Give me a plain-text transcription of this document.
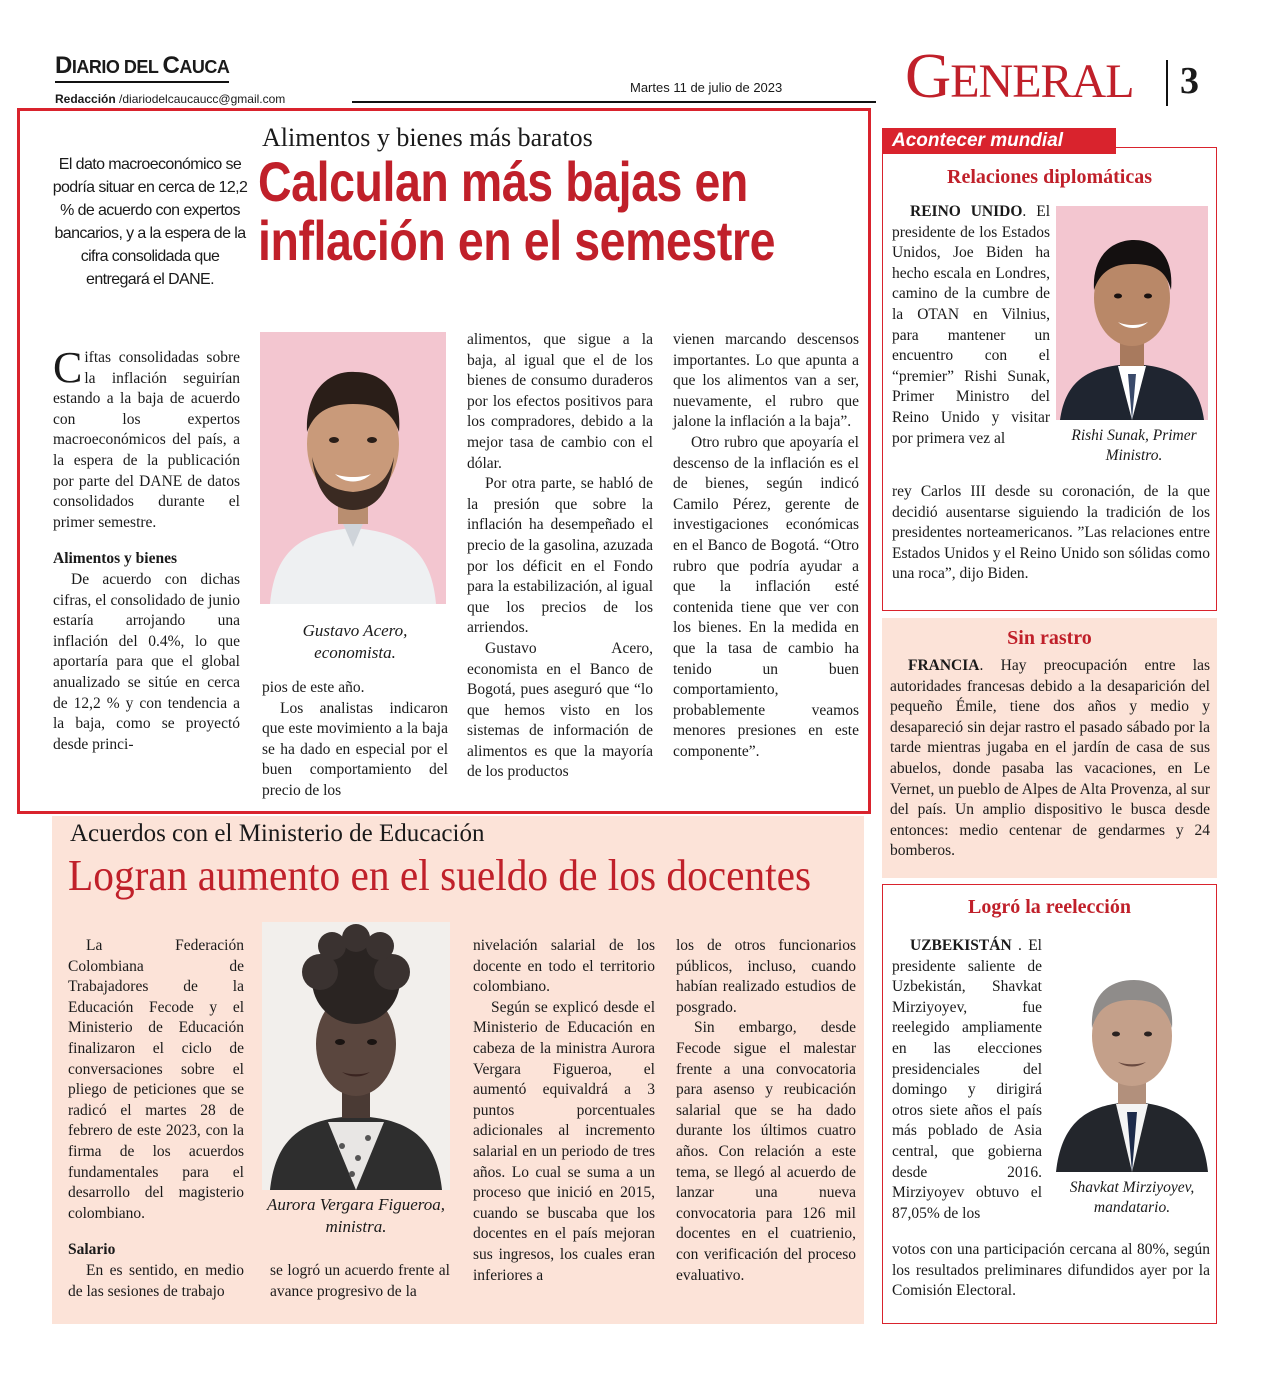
DIARIO DEL CAUCA
Redacción /diariodelcaucaucc@gmail.com
Martes 11 de julio de 2023 GENERAL 3
Alimentos y bienes más baratos
Calculan más bajas en inflación en el semestre
El dato macroeconómico se podría situar en cerca de 12,2 % de acuerdo con expertos bancarios, y a la espera de la cifra consolidada que entregará el DANE.
Ciftas consolidadas sobre la inflación seguirían estando a la baja de acuerdo con los expertos macroeconómicos del país, a la espera de la publicación por parte del DANE de datos consolidados durante el primer semestre.
Alimentos y bienes
De acuerdo con dichas cifras, el consolidado de junio estaría arrojando una inflación del 0.4%, lo que aportaría para que el global anualizado se sitúe en cerca de 12,2 % y con tendencia a la baja, como se proyectó desde princi-
Gustavo Acero, economista.
pios de este año.
Los analistas indicaron que este movimiento a la baja se ha dado en especial por el buen comportamiento del precio de los
alimentos, que sigue a la baja, al igual que el de los bienes de consumo duraderos por los efectos positivos para los compradores, debido a la mejor tasa de cambio con el dólar.
Por otra parte, se habló de la presión que sobre la inflación ha desempeñado el precio de la gasolina, azuzada por los déficit en el Fondo para la estabilización, al igual que los precios de los arriendos.
Gustavo Acero, economista en el Banco de Bogotá, pues aseguró que “lo que hemos visto en los sistemas de información de alimentos es que la mayoría de los productos
vienen marcando descensos importantes. Lo que apunta a que los alimentos van a ser, nuevamente, el rubro que jalone la inflación a la baja”.
Otro rubro que apoyaría el descenso de la inflación es el de bienes, según indicó Camilo Pérez, gerente de investigaciones económicas en el Banco de Bogotá. “Otro rubro que podría ayudar a que la inflación esté contenida tiene que ver con los bienes. En la medida en que la tasa de cambio ha tenido un buen comportamiento, probablemente veamos menores presiones en este componente”.
Acuerdos con el Ministerio de Educación
Logran aumento en el sueldo de los docentes
La Federación Colombiana de Trabajadores de la Educación Fecode y el Ministerio de Educación finalizaron el ciclo de conversaciones sobre el pliego de peticiones que se radicó el martes 28 de febrero de este 2023, con la firma de los acuerdos fundamentales para el desarrollo del magisterio colombiano.
Salario
En es sentido, en medio de las sesiones de trabajo
Aurora Vergara Figueroa, ministra.
se logró un acuerdo frente al avance progresivo de la
nivelación salarial de los docente en todo el territorio colombiano.
Según se explicó desde el Ministerio de Educación en cabeza de la ministra Aurora Vergara Figueroa, el aumentó equivaldrá a 3 puntos porcentuales adicionales al incremento salarial en un periodo de tres años. Lo cual se suma a un proceso que inició en 2015, cuando se buscaba que los docentes en el país mejoran sus ingresos, los cuales eran inferiores a
los de otros funcionarios públicos, incluso, cuando habían realizado estudios de posgrado.
Sin embargo, desde Fecode sigue el malestar frente a una convocatoria para asenso y reubicación salarial que se ha dado durante los últimos cuatro años. Con relación a este tema, se llegó al acuerdo de lanzar una nueva convocatoria para 126 mil docentes en el cuatrienio, con verificación del proceso evaluativo.
Acontecer mundial
Relaciones diplomáticas
REINO UNIDO. El presidente de los Estados Unidos, Joe Biden ha hecho escala en Londres, camino de la cumbre de la OTAN en Vilnius, para mantener un encuentro con el “premier” Rishi Sunak, Primer Ministro del Reino Unido y visitar por primera vez al	Rishi Sunak, Primer Ministro.
rey Carlos III desde su coronación, de la que decidió ausentarse siguiendo la tradición de los presidentes norteamericanos. ”Las relaciones entre Estados Unidos y el Reino Unido son sólidas como una roca”, dijo Biden.
Sin rastro
FRANCIA. Hay preocupación entre las autoridades francesas debido a la desaparición del pequeño Émile, tiene dos años y medio y desapareció sin dejar rastro el pasado sábado por la tarde mientras jugaba en el jardín de casa de sus abuelos, donde pasaba las vacaciones, en Le Vernet, un pueblo de Alpes de Alta Provenza, al sur del país. Un amplio dispositivo le busca desde entonces: medio centenar de gendarmes y 24 bomberos.
Logró la reelección
UZBEKISTÁN . El presidente saliente de Uzbekistán, Shavkat Mirziyoyev, fue reelegido ampliamente en las elecciones presidenciales del domingo y dirigirá otros siete años el país más poblado de Asia central, que gobierna desde 2016. Mirziyoyev obtuvo el 87,05% de los
Shavkat Mirziyoyev, mandatario.
votos con una participación cercana al 80%, según los resultados preliminares difundidos ayer por la Comisión Electoral.
